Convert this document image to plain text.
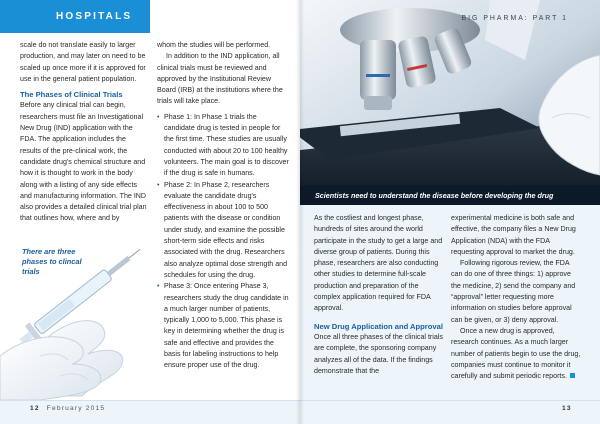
HOSPITALS

scale do not translate easily to larger production, and may later on need to be scaled up once more if it is approved for use in the general patient population.

The Phases of Clinical Trials

Before any clinical trial can begin, researchers must file an Investigational New Drug (IND) application with the FDA. The application includes the results of the pre-clinical work, the candidate drug's chemical structure and how it is thought to work in the body along with a listing of any side effects and manufacturing information. The IND also provides a detailed clinical trial plan that outlines how, where and by

whom the studies will be performed.

In addition to the IND application, all clinical trials must be reviewed and approved by the Institutional Review Board (IRB) at the institutions where the trials will take place.

• Phase 1: In Phase 1 trials the candidate drug is tested in people for the first time. These studies are usually conducted with about 20 to 100 healthy volunteers. The main goal is to discover if the drug is safe in humans.
• Phase 2: In Phase 2, researchers evaluate the candidate drug's effectiveness in about 100 to 500 patients with the disease or condition under study, and examine the possible short-term side effects and risks associated with the drug. Researchers also analyze optimal dose strength and schedules for using the drug.
• Phase 3: Once entering Phase 3, researchers study the drug candidate in a much larger number of patients, typically 1,000 to 5,000. This phase is key in determining whether the drug is safe and effective and provides the basis for labeling instructions to help ensure proper use of the drug.
There are three phases to clincal trials
12 February 2015
Scientists need to understand the disease before developing the drug
BIG PHARMA: PART 1

As the costliest and longest phase, hundreds of sites around the world participate in the study to get a large and diverse group of patients. During this phase, researchers are also conducting other studies to determine full-scale production and preparation of the complex application required for FDA approval.

New Drug Application and Approval

Once all three phases of the clinical trials are complete, the sponsoring company analyzes all of the data. If the findings demonstrate that the

experimental medicine is both safe and effective, the company files a New Drug Application (NDA) with the FDA requesting approval to market the drug.

Following rigorous review, the FDA can do one of three things: 1) approve the medicine, 2) send the company and “approval” letter requesting more information on studies before approval can be given, or 3) deny approval.

Once a new drug is approved, research continues. As a much larger number of patients begin to use the drug, companies must continue to monitor it carefully and submit periodic reports.

13
